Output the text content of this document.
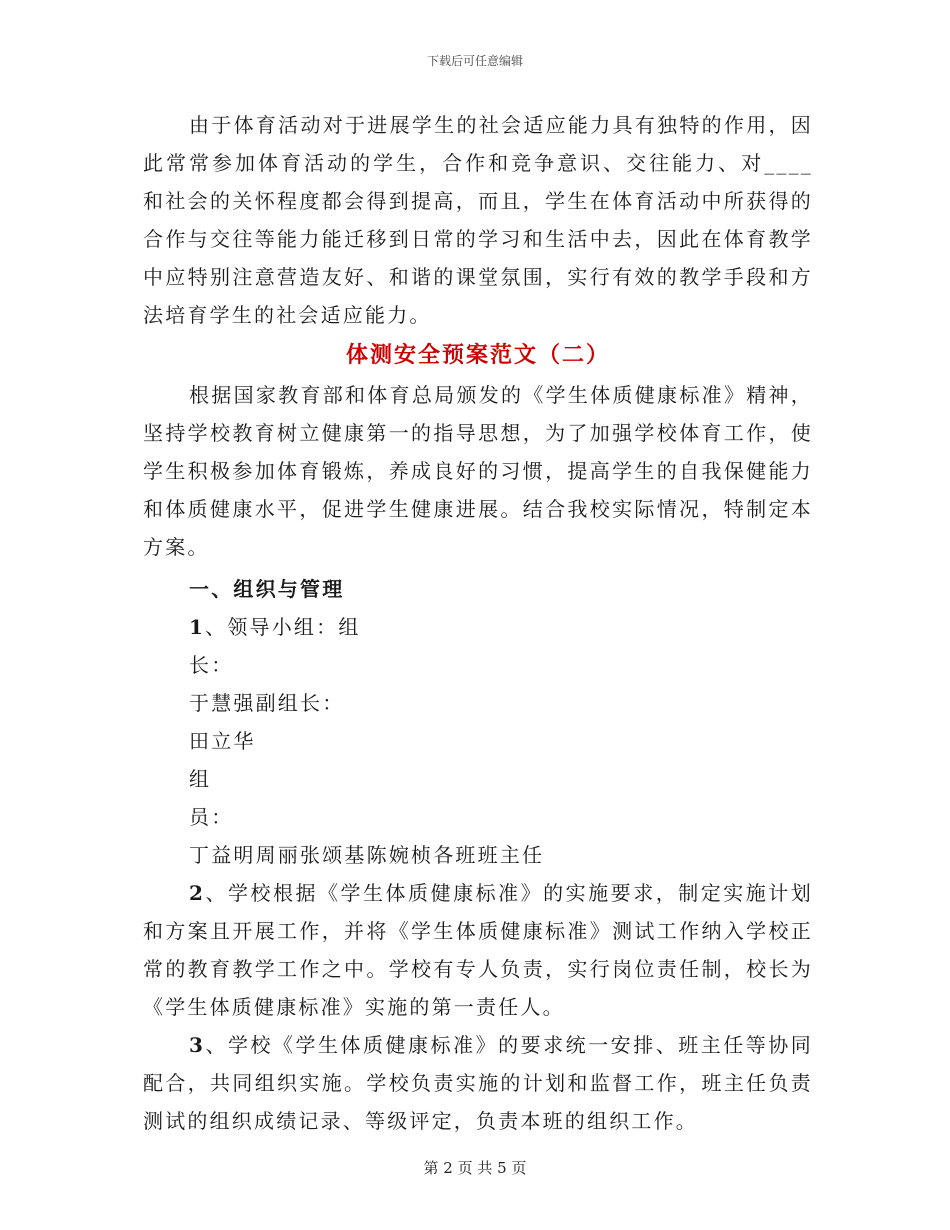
下载后可任意编辑

由于体育活动对于进展学生的社会适应能力具有独特的作用，因此常常参加体育活动的学生，合作和竞争意识、交往能力、对____和社会的关怀程度都会得到提高，而且，学生在体育活动中所获得的合作与交往等能力能迁移到日常的学习和生活中去，因此在体育教学中应特别注意营造友好、和谐的课堂氛围，实行有效的教学手段和方法培育学生的社会适应能力。

体测安全预案范文（二）

根据国家教育部和体育总局颁发的《学生体质健康标准》精神，坚持学校教育树立健康第一的指导思想，为了加强学校体育工作，使学生积极参加体育锻炼，养成良好的习惯，提高学生的自我保健能力和体质健康水平，促进学生健康进展。结合我校实际情况，特制定本方案。

一、组织与管理

1、领导小组：组

长：

于慧强副组长：

田立华

组

员：

丁益明周丽张颂基陈婉桢各班班主任

2、学校根据《学生体质健康标准》的实施要求，制定实施计划和方案且开展工作，并将《学生体质健康标准》测试工作纳入学校正常的教育教学工作之中。学校有专人负责，实行岗位责任制，校长为《学生体质健康标准》实施的第一责任人。

3、学校《学生体质健康标准》的要求统一安排、班主任等协同配合，共同组织实施。学校负责实施的计划和监督工作，班主任负责测试的组织成绩记录、等级评定，负责本班的组织工作。

第 2 页 共 5 页
